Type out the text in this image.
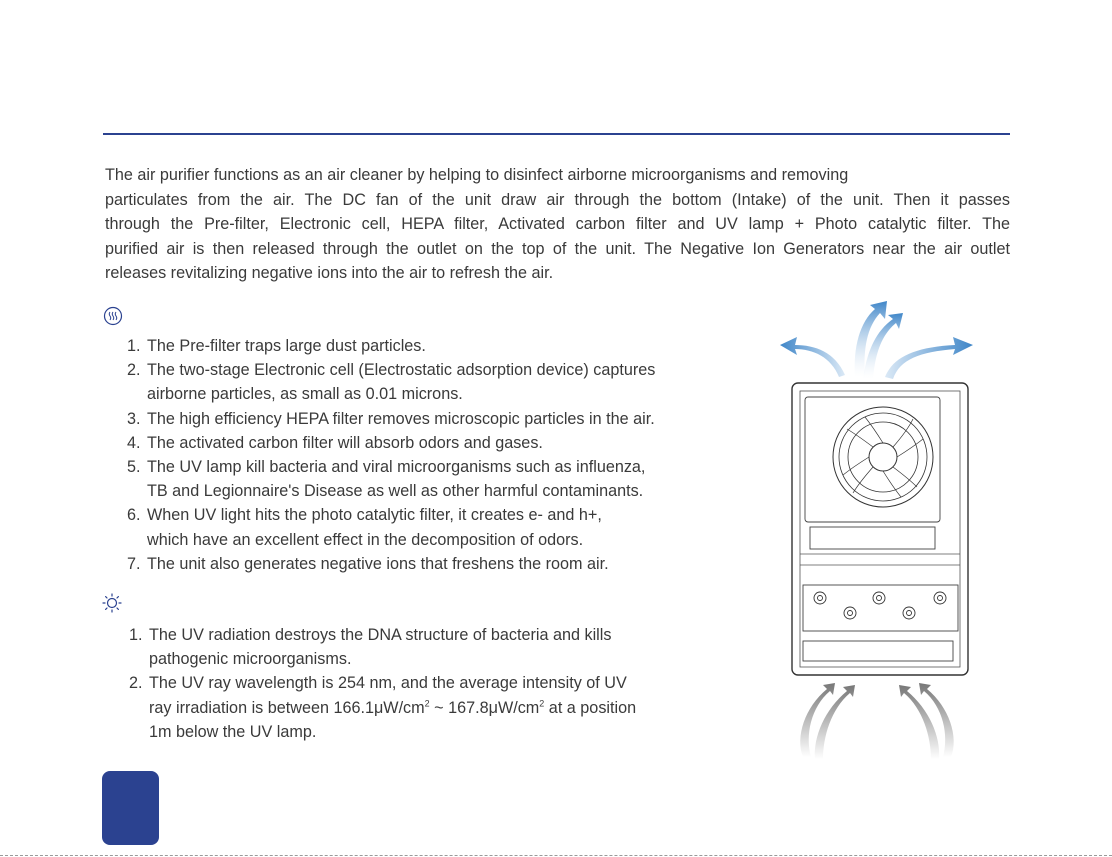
The air purifier functions as an air cleaner by helping to disinfect airborne microorganisms and removing

particulates from the air. The DC fan of the unit draw air through the bottom (Intake) of the unit. Then it passes

through the Pre-filter, Electronic cell, HEPA filter, Activated carbon filter and UV lamp + Photo catalytic filter. The

purified air is then released through the outlet on the top of the unit. The Negative Ion Generators near the air outlet

releases revitalizing negative ions into the air to refresh the air.

1. The Pre-filter traps large dust particles.
2. The two-stage Electronic cell (Electrostatic adsorption device) captures
airborne particles, as small as 0.01 microns.
3. The high efficiency HEPA filter removes microscopic particles in the air.
4. The activated carbon filter will absorb odors and gases.
5. The UV lamp kill bacteria and viral microorganisms such as influenza,
TB and Legionnaire's Disease as well as other harmful contaminants.
6. When UV light hits the photo catalytic filter, it creates e- and h+,
which have an excellent effect in the decomposition of odors.
7. The unit also generates negative ions that freshens the room air.
1. The UV radiation destroys the DNA structure of bacteria and kills
pathogenic microorganisms.
2. The UV ray wavelength is 254 nm, and the average intensity of UV
ray irradiation is between $166.1\mu W/cm^2$ ~ $167.8\mu W/cm^2$ at a position
1m below the UV lamp.
